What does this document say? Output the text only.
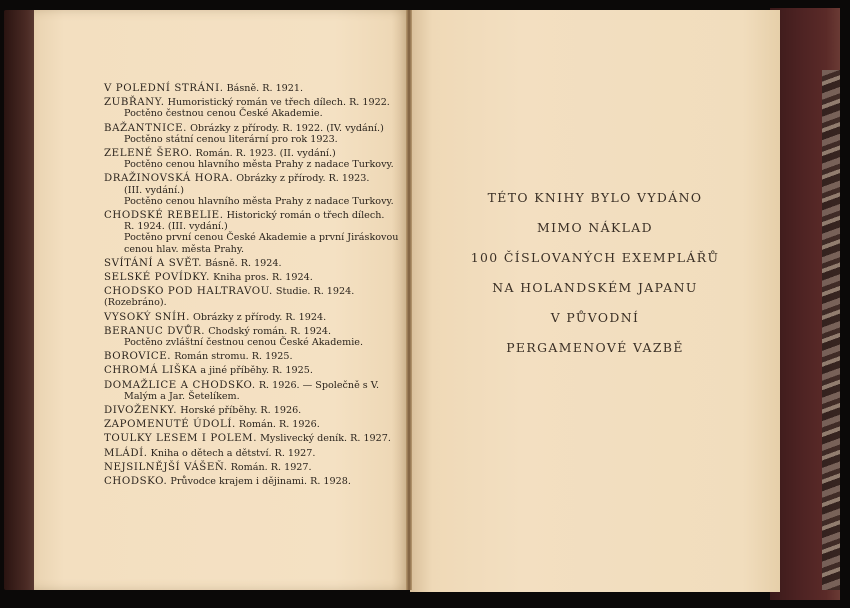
V POLEDNÍ STRÁNI. Básně. R. 1921.
ZUBŘANY. Humoristický román ve třech dílech. R. 1922.
Poctěno čestnou cenou České Akademie.
BAŽANTNICE. Obrázky z přírody. R. 1922. (IV. vydání.)
Poctěno státní cenou literární pro rok 1923.
ZELENÉ ŠERO. Román. R. 1923. (II. vydání.)
Poctěno cenou hlavního města Prahy z nadace Turkovy.
DRAŽINOVSKÁ HORA. Obrázky z přírody. R. 1923.
(III. vydání.)
Poctěno cenou hlavního města Prahy z nadace Turkovy.
CHODSKÉ REBELIE. Historický román o třech dílech.
R. 1924. (III. vydání.)
Poctěno první cenou České Akademie a první Jiráskovou cenou hlav. města Prahy.
SVÍTÁNÍ A SVĚT. Básně. R. 1924.
SELSKÉ POVÍDKY. Kniha pros. R. 1924.
CHODSKO POD HALTRAVOU. Studie. R. 1924. (Rozebráno).
VYSOKÝ SNÍH. Obrázky z přírody. R. 1924.
BERANUC DVŮR. Chodský román. R. 1924.
Poctěno zvláštní čestnou cenou České Akademie.
BOROVICE. Román stromu. R. 1925.
CHROMÁ LIŠKA a jiné příběhy. R. 1925.
DOMAŽLICE A CHODSKO. R. 1926. — Společně s V.
Malým a Jar. Šetelíkem.
DIVOŽENKY. Horské příběhy. R. 1926.
ZAPOMENUTÉ ÚDOLÍ. Román. R. 1926.
TOULKY LESEM I POLEM. Myslivecký deník. R. 1927.
MLÁDÍ. Kniha o dětech a dětství. R. 1927.
NEJSILNĚJŠÍ VÁŠEŇ. Román. R. 1927.
CHODSKO. Průvodce krajem i dějinami. R. 1928.
TÉTO KNIHY BYLO VYDÁNO
MIMO NÁKLAD
100 ČÍSLOVANÝCH EXEMPLÁŘŮ
NA HOLANDSKÉM JAPANU
V PŮVODNÍ
PERGAMENOVÉ VAZBĚ
